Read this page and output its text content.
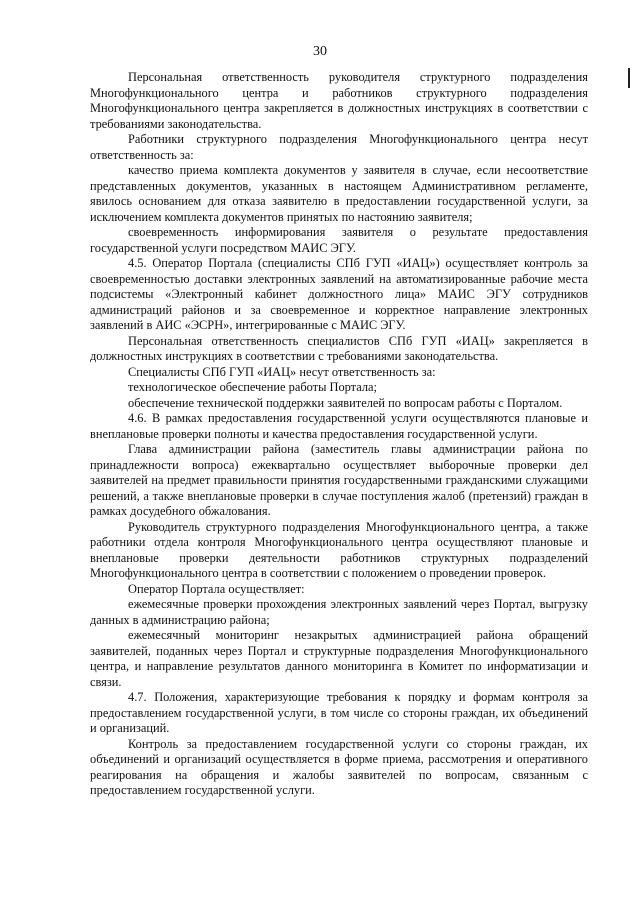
30

Персональная ответственность руководителя структурного подразделения Многофункционального центра и работников структурного подразделения Многофункционального центра закрепляется в должностных инструкциях в соответствии с требованиями законодательства.

Работники структурного подразделения Многофункционального центра несут ответственность за:

качество приема комплекта документов у заявителя в случае, если несоответствие представленных документов, указанных в настоящем Административном регламенте, явилось основанием для отказа заявителю в предоставлении государственной услуги, за исключением комплекта документов принятых по настоянию заявителя;

своевременность информирования заявителя о результате предоставления государственной услуги посредством МАИС ЭГУ.

4.5. Оператор Портала (специалисты СПб ГУП «ИАЦ») осуществляет контроль за своевременностью доставки электронных заявлений на автоматизированные рабочие места подсистемы «Электронный кабинет должностного лица» МАИС ЭГУ сотрудников администраций районов и за своевременное и корректное направление электронных заявлений в АИС «ЭСРН», интегрированные с МАИС ЭГУ.

Персональная ответственность специалистов СПб ГУП «ИАЦ» закрепляется в должностных инструкциях в соответствии с требованиями законодательства.

Специалисты СПб ГУП «ИАЦ» несут ответственность за:

технологическое обеспечение работы Портала;

обеспечение технической поддержки заявителей по вопросам работы с Порталом.

4.6. В рамках предоставления государственной услуги осуществляются плановые и внеплановые проверки полноты и качества предоставления государственной услуги.

Глава администрации района (заместитель главы администрации района по принадлежности вопроса) ежеквартально осуществляет выборочные проверки дел заявителей на предмет правильности принятия государственными гражданскими служащими решений, а также внеплановые проверки в случае поступления жалоб (претензий) граждан в рамках досудебного обжалования.

Руководитель структурного подразделения Многофункционального центра, а также работники отдела контроля Многофункционального центра осуществляют плановые и внеплановые проверки деятельности работников структурных подразделений Многофункционального центра в соответствии с положением о проведении проверок.

Оператор Портала осуществляет:

ежемесячные проверки прохождения электронных заявлений через Портал, выгрузку данных в администрацию района;

ежемесячный мониторинг незакрытых администрацией района обращений заявителей, поданных через Портал и структурные подразделения Многофункционального центра, и направление результатов данного мониторинга в Комитет по информатизации и связи.

4.7. Положения, характеризующие требования к порядку и формам контроля за предоставлением государственной услуги, в том числе со стороны граждан, их объединений и организаций.

Контроль за предоставлением государственной услуги со стороны граждан, их объединений и организаций осуществляется в форме приема, рассмотрения и оперативного реагирования на обращения и жалобы заявителей по вопросам, связанным с предоставлением государственной услуги.
